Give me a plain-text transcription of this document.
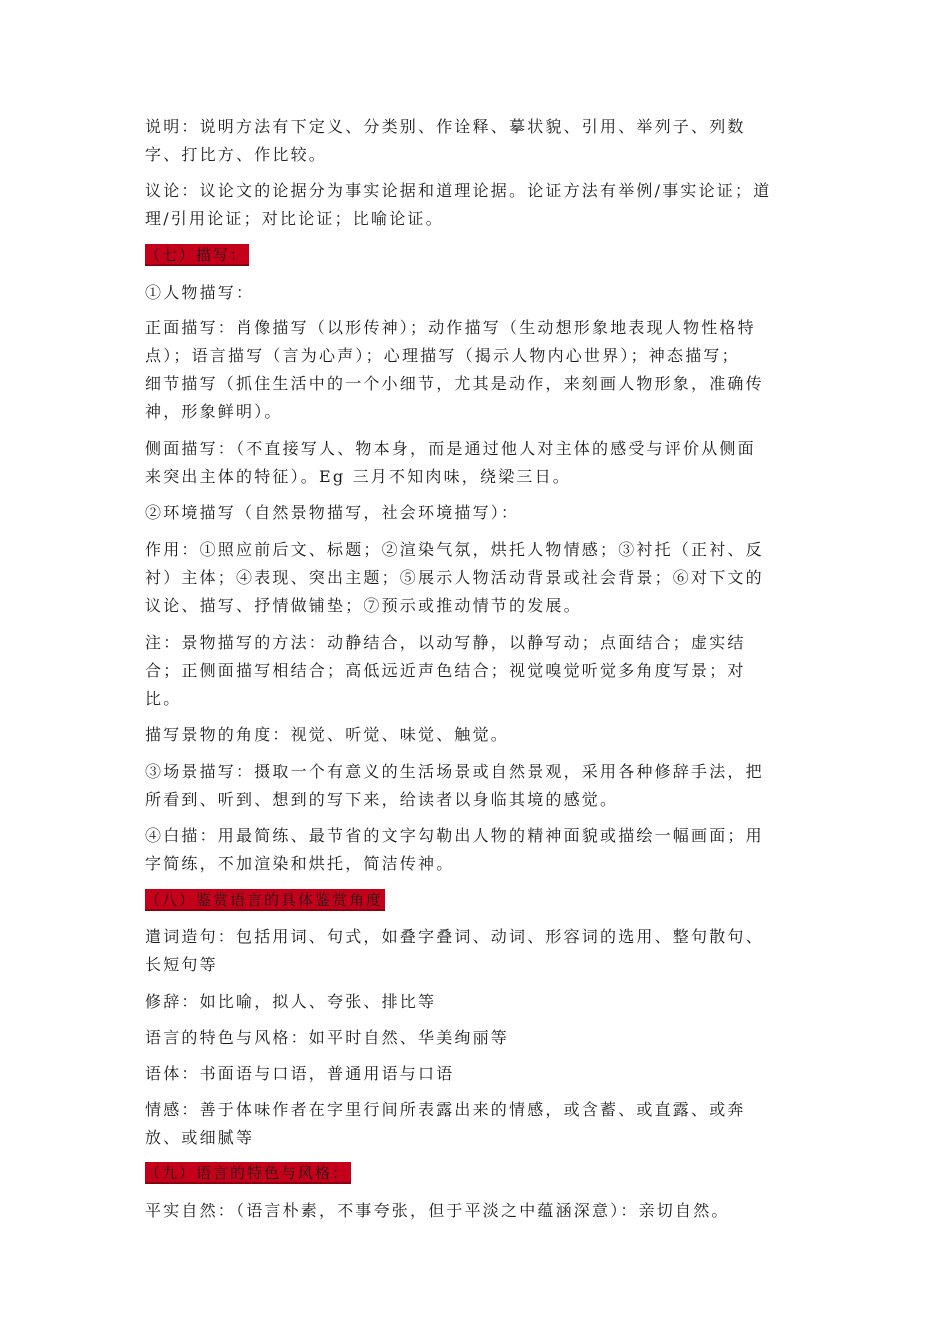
说明：说明方法有下定义、分类别、作诠释、摹状貌、引用、举列子、列数
字、打比方、作比较。
议论：议论文的论据分为事实论据和道理论据。论证方法有举例/事实论证；道
理/引用论证；对比论证；比喻论证。
（七）描写：
①人物描写：
正面描写：肖像描写（以形传神）；动作描写（生动想形象地表现人物性格特
点）；语言描写（言为心声）；心理描写（揭示人物内心世界）；神态描写；
细节描写（抓住生活中的一个小细节，尤其是动作，来刻画人物形象，准确传
神，形象鲜明）。
侧面描写：（不直接写人、物本身，而是通过他人对主体的感受与评价从侧面
来突出主体的特征）。Eg 三月不知肉味，绕梁三日。
②环境描写（自然景物描写，社会环境描写）：
作用：①照应前后文、标题；②渲染气氛，烘托人物情感；③衬托（正衬、反
衬）主体；④表现、突出主题；⑤展示人物活动背景或社会背景；⑥对下文的
议论、描写、抒情做铺垫；⑦预示或推动情节的发展。
注：景物描写的方法：动静结合，以动写静，以静写动；点面结合；虚实结
合；正侧面描写相结合；高低远近声色结合；视觉嗅觉听觉多角度写景；对
比。
描写景物的角度：视觉、听觉、味觉、触觉。
③场景描写：摄取一个有意义的生活场景或自然景观，采用各种修辞手法，把
所看到、听到、想到的写下来，给读者以身临其境的感觉。
④白描：用最简练、最节省的文字勾勒出人物的精神面貌或描绘一幅画面；用
字简练，不加渲染和烘托，简洁传神。
（八）鉴赏语言的具体鉴赏角度
遣词造句：包括用词、句式，如叠字叠词、动词、形容词的选用、整句散句、
长短句等
修辞：如比喻，拟人、夸张、排比等
语言的特色与风格：如平时自然、华美绚丽等
语体：书面语与口语，普通用语与口语
情感：善于体味作者在字里行间所表露出来的情感，或含蓄、或直露、或奔
放、或细腻等
（九）语言的特色与风格：
平实自然：（语言朴素，不事夸张，但于平淡之中蕴涵深意）：亲切自然。
